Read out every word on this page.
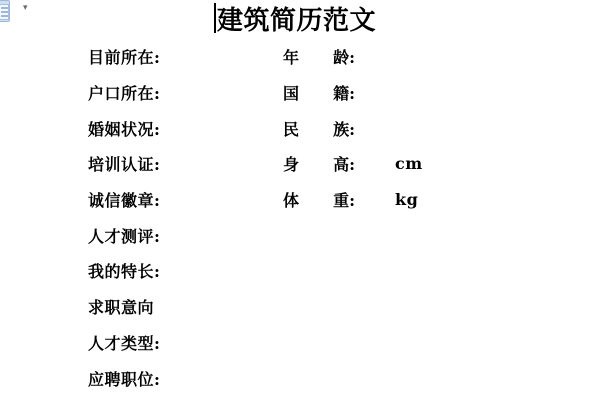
▾	建筑简历范文
目前所在:	年 龄:
户口所在:	国 籍:
婚姻状况:	民 族:
培训认证:	身 高:	cm
诚信徽章:	体 重:	kg
人才测评:
我的特长:
求职意向
人才类型:
应聘职位:
